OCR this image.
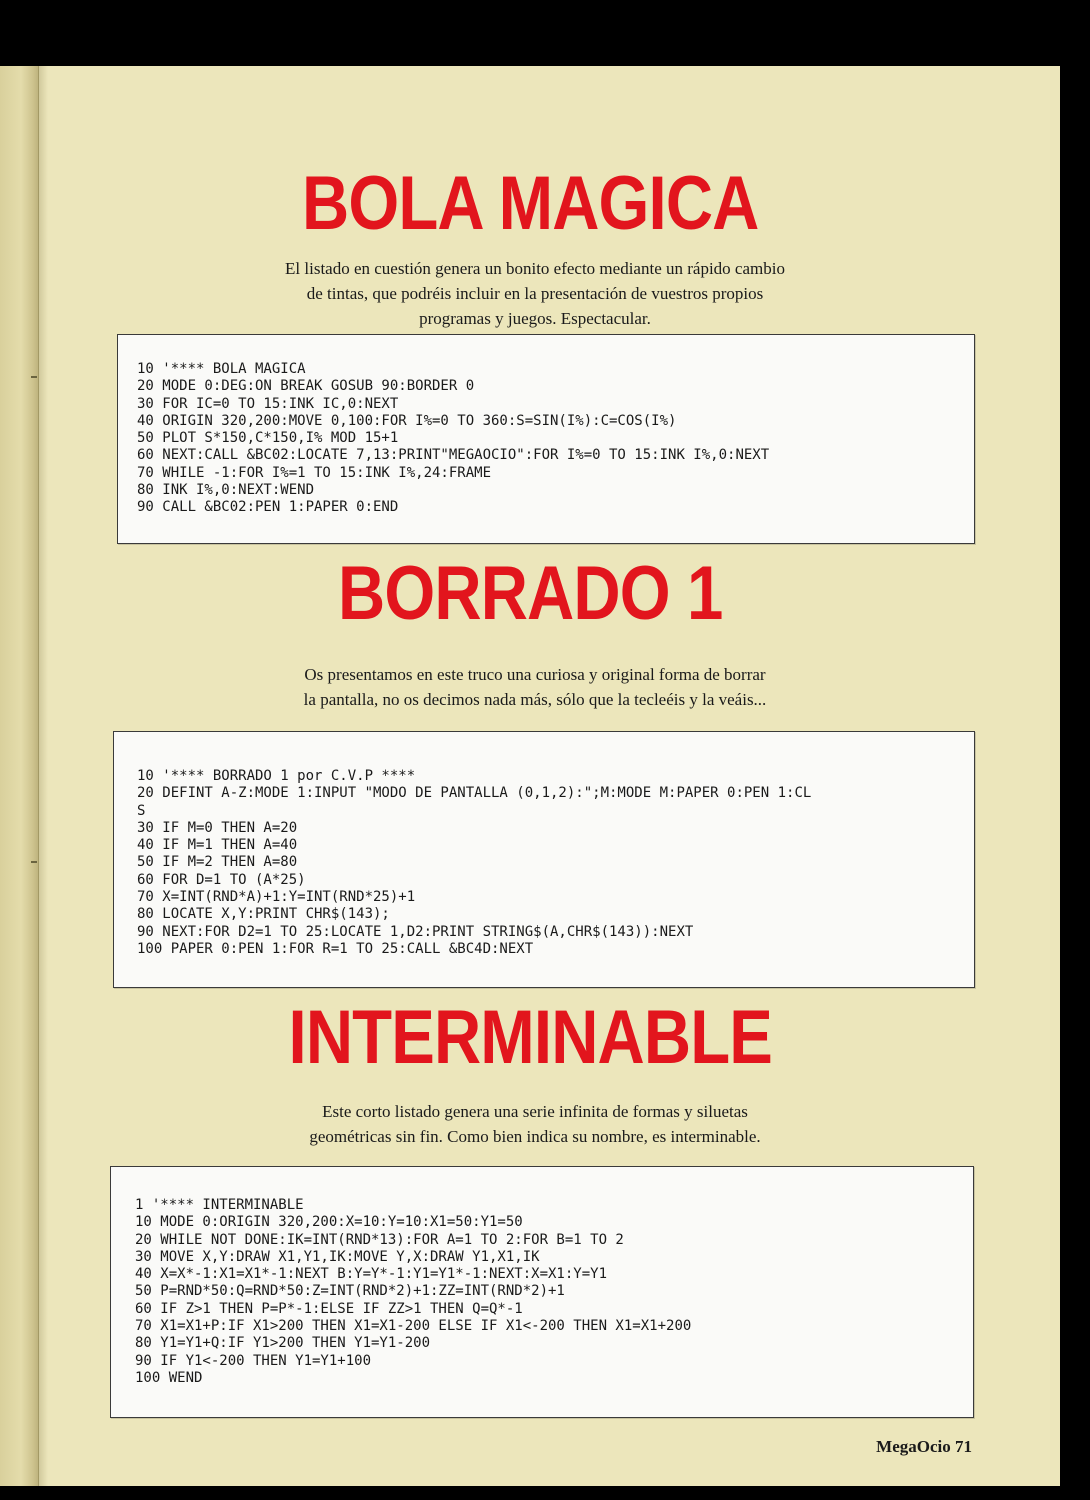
BOLA MAGICA
El listado en cuestión genera un bonito efecto mediante un rápido cambio
de tintas, que podréis incluir en la presentación de vuestros propios
programas y juegos. Espectacular.
10 '**** BOLA MAGICA
20 MODE 0:DEG:ON BREAK GOSUB 90:BORDER 0
30 FOR IC=0 TO 15:INK IC,0:NEXT
40 ORIGIN 320,200:MOVE 0,100:FOR I%=0 TO 360:S=SIN(I%):C=COS(I%)
50 PLOT S*150,C*150,I% MOD 15+1
60 NEXT:CALL &BC02:LOCATE 7,13:PRINT"MEGAOCIO":FOR I%=0 TO 15:INK I%,0:NEXT
70 WHILE -1:FOR I%=1 TO 15:INK I%,24:FRAME
80 INK I%,0:NEXT:WEND
90 CALL &BC02:PEN 1:PAPER 0:END
BORRADO 1
Os presentamos en este truco una curiosa y original forma de borrar
la pantalla, no os decimos nada más, sólo que la tecleéis y la veáis...
10 '**** BORRADO 1 por C.V.P ****
20 DEFINT A-Z:MODE 1:INPUT "MODO DE PANTALLA (0,1,2):";M:MODE M:PAPER 0:PEN 1:CL
S
30 IF M=0 THEN A=20
40 IF M=1 THEN A=40
50 IF M=2 THEN A=80
60 FOR D=1 TO (A*25)
70 X=INT(RND*A)+1:Y=INT(RND*25)+1
80 LOCATE X,Y:PRINT CHR$(143);
90 NEXT:FOR D2=1 TO 25:LOCATE 1,D2:PRINT STRING$(A,CHR$(143)):NEXT
100 PAPER 0:PEN 1:FOR R=1 TO 25:CALL &BC4D:NEXT
INTERMINABLE
Este corto listado genera una serie infinita de formas y siluetas
geométricas sin fin. Como bien indica su nombre, es interminable.
1 '**** INTERMINABLE
10 MODE 0:ORIGIN 320,200:X=10:Y=10:X1=50:Y1=50
20 WHILE NOT DONE:IK=INT(RND*13):FOR A=1 TO 2:FOR B=1 TO 2
30 MOVE X,Y:DRAW X1,Y1,IK:MOVE Y,X:DRAW Y1,X1,IK
40 X=X*-1:X1=X1*-1:NEXT B:Y=Y*-1:Y1=Y1*-1:NEXT:X=X1:Y=Y1
50 P=RND*50:Q=RND*50:Z=INT(RND*2)+1:ZZ=INT(RND*2)+1
60 IF Z>1 THEN P=P*-1:ELSE IF ZZ>1 THEN Q=Q*-1
70 X1=X1+P:IF X1>200 THEN X1=X1-200 ELSE IF X1<-200 THEN X1=X1+200
80 Y1=Y1+Q:IF Y1>200 THEN Y1=Y1-200
90 IF Y1<-200 THEN Y1=Y1+100
100 WEND
MegaOcio 71
